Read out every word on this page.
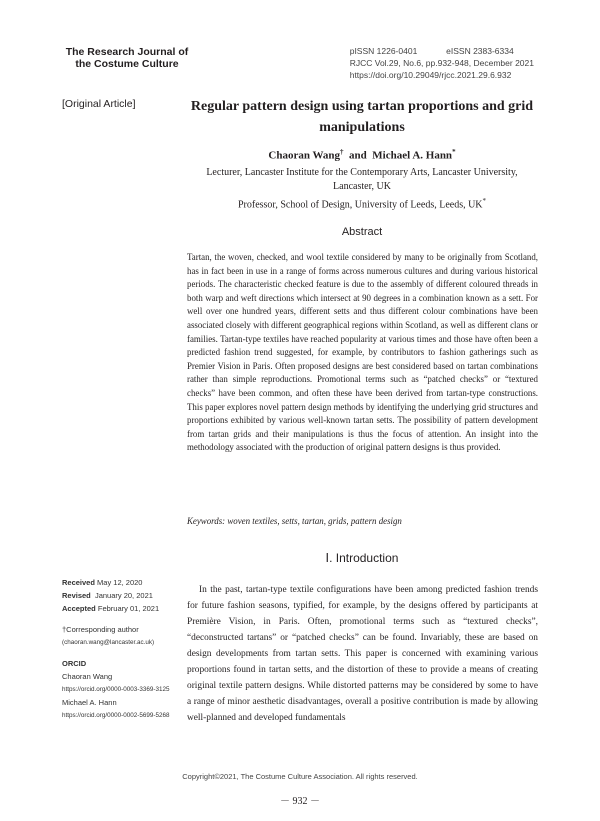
The Research Journal of
the Costume Culture
pISSN 1226-0401	eISSN 2383-6334
RJCC Vol.29, No.6, pp.932-948, December 2021
https://doi.org/10.29049/rjcc.2021.29.6.932
[Original Article]	Regular pattern design using tartan proportions and grid manipulations
Chaoran Wang† and Michael A. Hann*
Lecturer, Lancaster Institute for the Contemporary Arts, Lancaster University, Lancaster, UK
Professor, School of Design, University of Leeds, Leeds, UK*
Abstract
Tartan, the woven, checked, and wool textile considered by many to be originally from Scotland, has in fact been in use in a range of forms across numerous cultures and during various historical periods. The characteristic checked feature is due to the assembly of different coloured threads in both warp and weft directions which intersect at 90 degrees in a combination known as a sett. For well over one hundred years, different setts and thus different colour combinations have been associated closely with different geographical regions within Scotland, as well as different clans or families. Tartan-type textiles have reached popularity at various times and those have often been a predicted fashion trend suggested, for example, by contributors to fashion gatherings such as Premier Vision in Paris. Often proposed designs are best considered based on tartan combinations rather than simple reproductions. Promotional terms such as “patched checks” or “textured checks” have been common, and often these have been derived from tartan-type constructions. This paper explores novel pattern design methods by identifying the underlying grid structures and proportions exhibited by various well-known tartan setts. The possibility of pattern development from tartan grids and their manipulations is thus the focus of attention. An insight into the methodology associated with the production of original pattern designs is thus provided.
Keywords: woven textiles, setts, tartan, grids, pattern design
Ⅰ. Introduction
In the past, tartan-type textile configurations have been among predicted fashion trends for future fashion seasons, typified, for example, by the designs offered by participants at Première Vision, in Paris. Often, promotional terms such as “textured checks”, “deconstructed tartans” or “patched checks” can be found. Invariably, these are based on design developments from tartan setts. This paper is concerned with examining various proportions found in tartan setts, and the distortion of these to provide a means of creating original textile pattern designs. While distorted patterns may be considered by some to have a range of minor aesthetic disadvantages, overall a positive contribution is made by allowing well-planned and developed fundamentals
Received May 12, 2020
Revised January 20, 2021
Accepted February 01, 2021
†Corresponding author
(chaoran.wang@lancaster.ac.uk)
ORCID
Chaoran Wang
https://orcid.org/0000-0003-3369-3125
Michael A. Hann
https://orcid.org/0000-0002-5699-5268
Copyright©2021, The Costume Culture Association. All rights reserved.
－ 932 －
